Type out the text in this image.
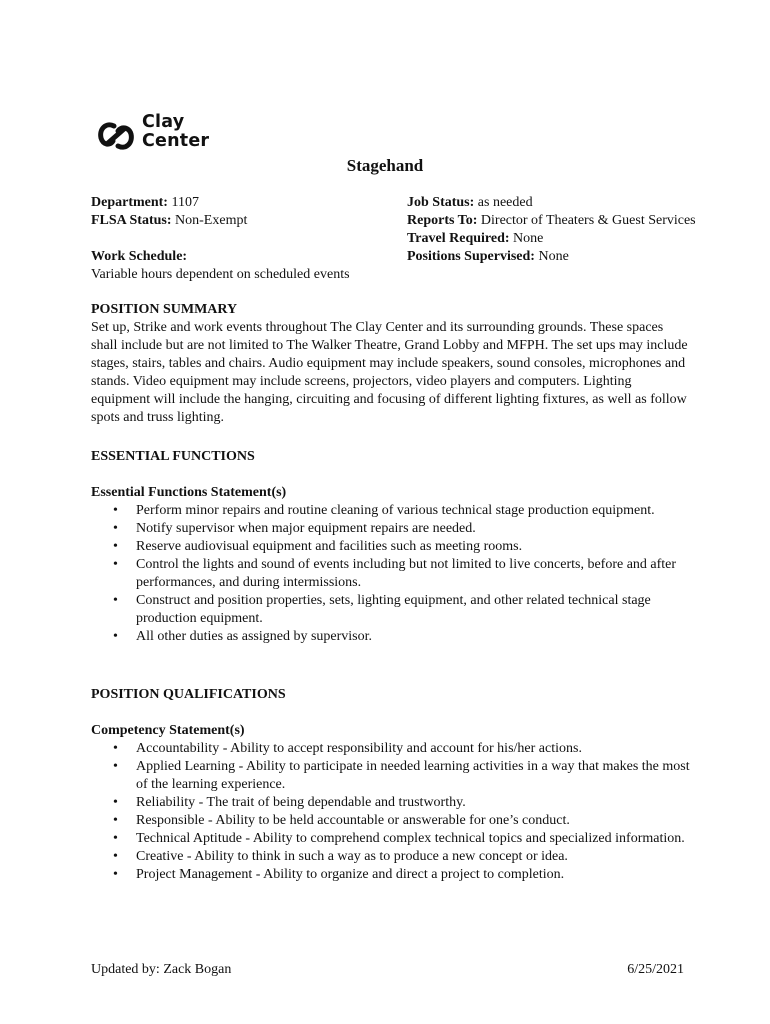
Clay
Center
Stagehand
Department: 1107
FLSA Status: Non-Exempt
Work Schedule:
Variable hours dependent on scheduled events
Job Status: as needed
Reports To: Director of Theaters & Guest Services
Travel Required: None
Positions Supervised: None
POSITION SUMMARY

Set up, Strike and work events throughout The Clay Center and its surrounding grounds. These spaces shall include but are not limited to The Walker Theatre, Grand Lobby and MFPH. The set ups may include stages, stairs, tables and chairs. Audio equipment may include speakers, sound consoles, microphones and stands. Video equipment may include screens, projectors, video players and computers. Lighting equipment will include the hanging, circuiting and focusing of different lighting fixtures, as well as follow spots and truss lighting.

ESSENTIAL FUNCTIONS
Essential Functions Statement(s)
• Perform minor repairs and routine cleaning of various technical stage production equipment.
• Notify supervisor when major equipment repairs are needed.
• Reserve audiovisual equipment and facilities such as meeting rooms.
• Control the lights and sound of events including but not limited to live concerts, before and after performances, and during intermissions.
• Construct and position properties, sets, lighting equipment, and other related technical stage production equipment.
• All other duties as assigned by supervisor.
POSITION QUALIFICATIONS
Competency Statement(s)
• Accountability - Ability to accept responsibility and account for his/her actions.
• Applied Learning - Ability to participate in needed learning activities in a way that makes the most of the learning experience.
• Reliability - The trait of being dependable and trustworthy.
• Responsible - Ability to be held accountable or answerable for one’s conduct.
• Technical Aptitude - Ability to comprehend complex technical topics and specialized information.
• Creative - Ability to think in such a way as to produce a new concept or idea.
• Project Management - Ability to organize and direct a project to completion.
Updated by: Zack Bogan	6/25/2021
